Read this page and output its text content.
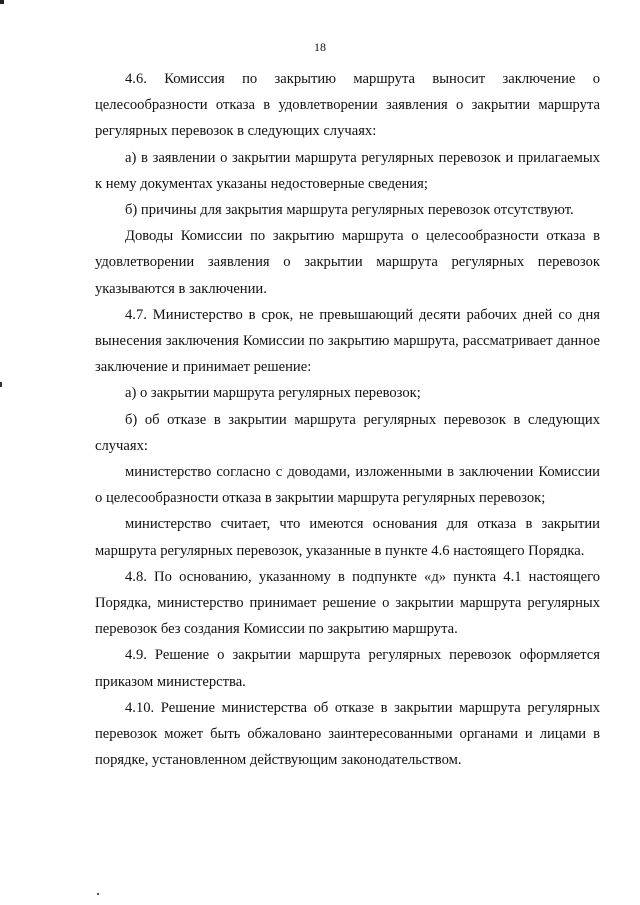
18

4.6. Комиссия по закрытию маршрута выносит заключение о целесообразности отказа в удовлетворении заявления о закрытии маршрута регулярных перевозок в следующих случаях:

а) в заявлении о закрытии маршрута регулярных перевозок и прилагаемых к нему документах указаны недостоверные сведения;

б) причины для закрытия маршрута регулярных перевозок отсутствуют.

Доводы Комиссии по закрытию маршрута о целесообразности отказа в удовлетворении заявления о закрытии маршрута регулярных перевозок указываются в заключении.

4.7. Министерство в срок, не превышающий десяти рабочих дней со дня вынесения заключения Комиссии по закрытию маршрута, рассматривает данное заключение и принимает решение:

а) о закрытии маршрута регулярных перевозок;

б) об отказе в закрытии маршрута регулярных перевозок в следующих случаях:

министерство согласно с доводами, изложенными в заключении Комиссии о целесообразности отказа в закрытии маршрута регулярных перевозок;

министерство считает, что имеются основания для отказа в закрытии маршрута регулярных перевозок, указанные в пункте 4.6 настоящего Порядка.

4.8. По основанию, указанному в подпункте «д» пункта 4.1 настоящего Порядка, министерство принимает решение о закрытии маршрута регулярных перевозок без создания Комиссии по закрытию маршрута.

4.9. Решение о закрытии маршрута регулярных перевозок оформляется приказом министерства.

4.10. Решение министерства об отказе в закрытии маршрута регулярных перевозок может быть обжаловано заинтересованными органами и лицами в порядке, установленном действующим законодательством.
